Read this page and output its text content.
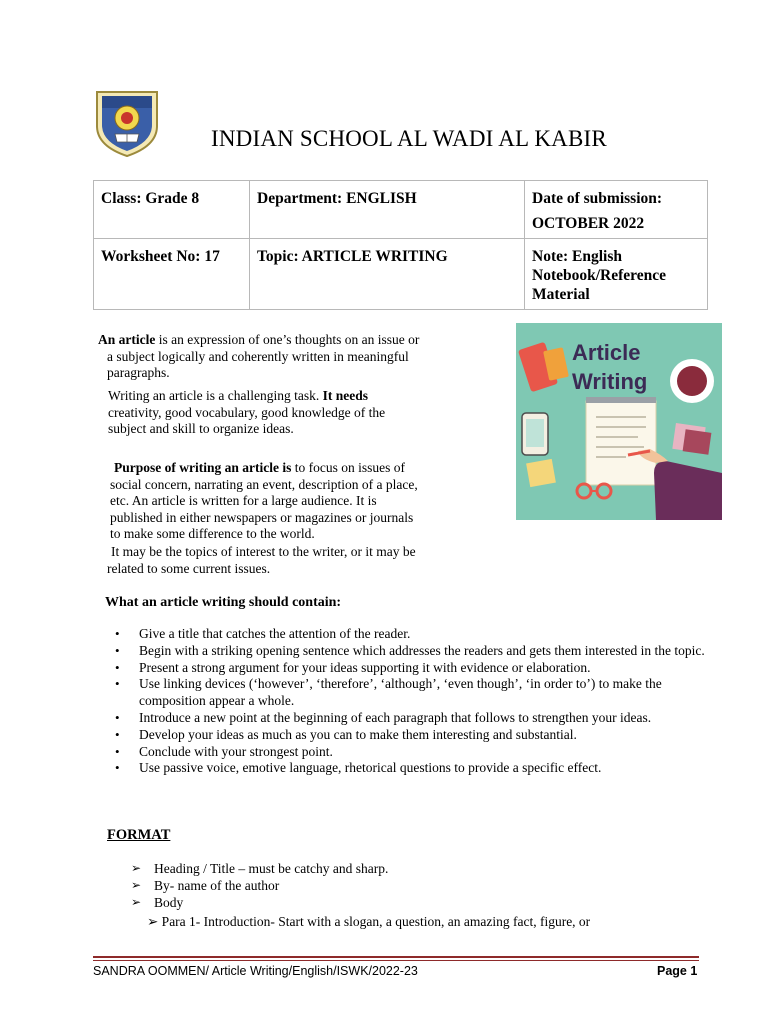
INDIAN SCHOOL AL WADI AL KABIR
Class: Grade 8	Department: ENGLISH	Date of submission:
OCTOBER 2022

Worksheet No: 17	Topic: ARTICLE WRITING	Note: English
Notebook/Reference
Material

An article is an expression of one’s thoughts on an issue or

a subject logically and coherently written in meaningful

paragraphs.

Writing an article is a challenging task. It needs

creativity, good vocabulary, good knowledge of the

subject and skill to organize ideas.

Purpose of writing an article is to focus on issues of

social concern, narrating an event, description of a place,

etc. An article is written for a large audience. It is

published in either newspapers or magazines or journals

to make some difference to the world.

It may be the topics of interest to the writer, or it may be

related to some current issues.

Article
Writing
What an article writing should contain:
• Give a title that catches the attention of the reader.
• Begin with a striking opening sentence which addresses the readers and gets them interested in the topic.
• Present a strong argument for your ideas supporting it with evidence or elaboration.
• Use linking devices (‘however’, ‘therefore’, ‘although’, ‘even though’, ‘in order to’) to make the composition appear a whole.
• Introduce a new point at the beginning of each paragraph that follows to strengthen your ideas.
• Develop your ideas as much as you can to make them interesting and substantial.
• Conclude with your strongest point.
• Use passive voice, emotive language, rhetorical questions to provide a specific effect.
FORMAT
➢ Heading / Title – must be catchy and sharp.
➢ By- name of the author
➢ Body
➢ Para 1- Introduction- Start with a slogan, a question, an amazing fact, figure, or
SANDRA OOMMEN/ Article Writing/English/ISWK/2022-23	Page 1
